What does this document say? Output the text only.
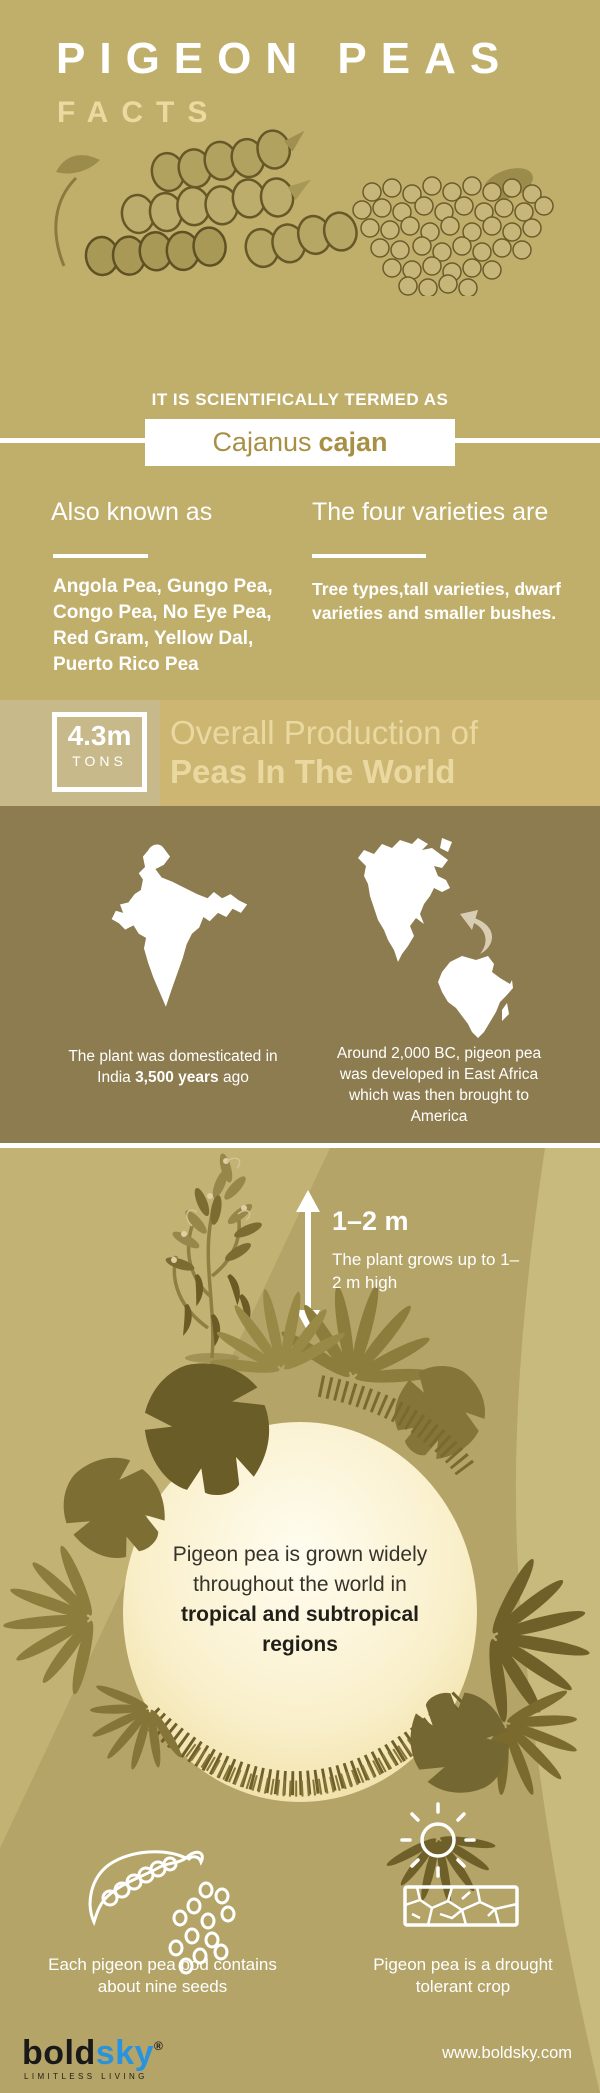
PIGEON PEAS
FACTS
IT IS SCIENTIFICALLY TERMED AS
Cajanus cajan
Also known as	The four varieties are
Angola Pea, Gungo Pea, Congo Pea, No Eye Pea, Red Gram, Yellow Dal, Puerto Rico Pea
Tree types,tall varieties, dwarf varieties and smaller bushes.
4.3m
TONS
Overall Production of
Peas In The World
The plant was domesticated in India 3,500 years ago
Around 2,000 BC, pigeon pea was developed in East Africa which was then brought to America
1–2 m
The plant grows up to 1–2 m high
Pigeon pea is grown widely throughout the world in tropical and subtropical regions
Each pigeon pea pod contains about nine seeds
Pigeon pea is a drought tolerant crop
boldsky®
LIMITLESS LIVING
www.boldsky.com
